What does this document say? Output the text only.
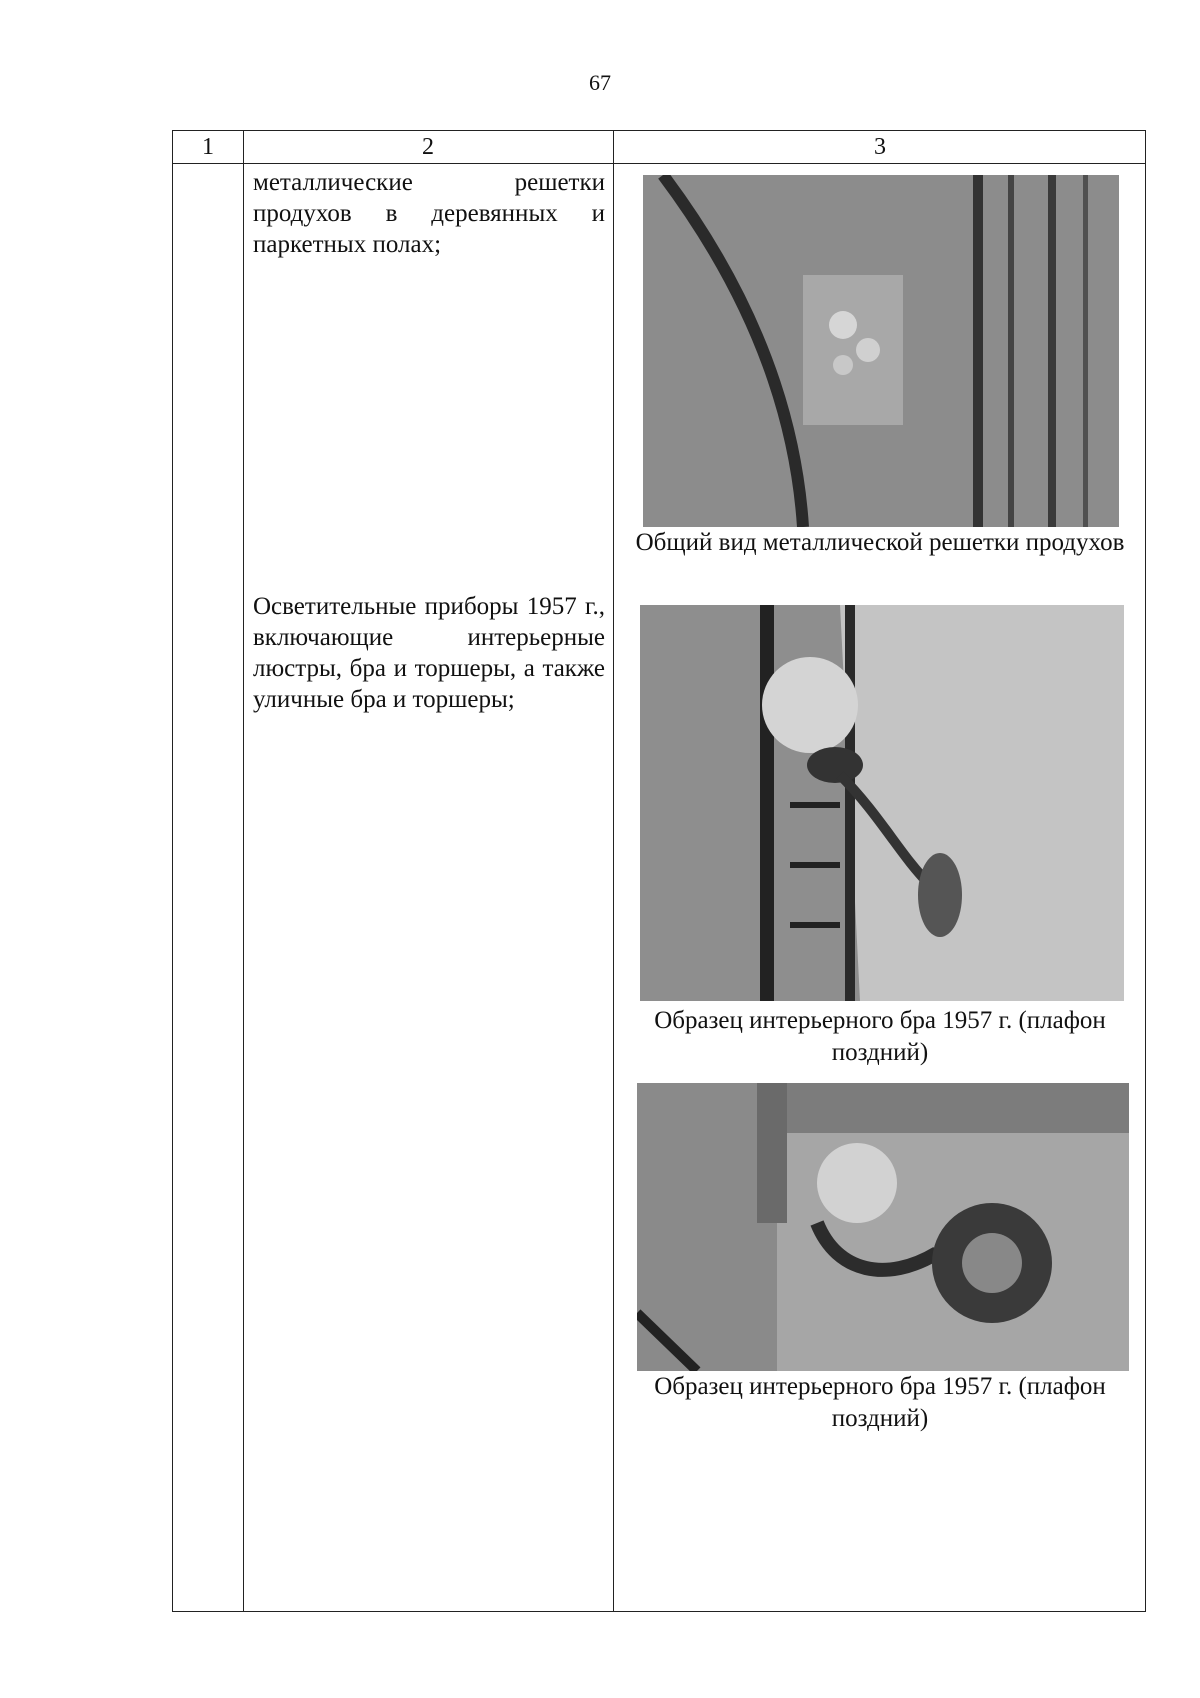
67
1	2	3
металлические решетки продухов в деревянных и паркетных полах;
Осветительные приборы 1957 г., включающие интерьерные люстры, бра и торшеры, а также уличные бра и торшеры;
Общий вид металлической решетки продухов
Образец интерьерного бра 1957 г. (плафон поздний)
Образец интерьерного бра 1957 г. (плафон поздний)
